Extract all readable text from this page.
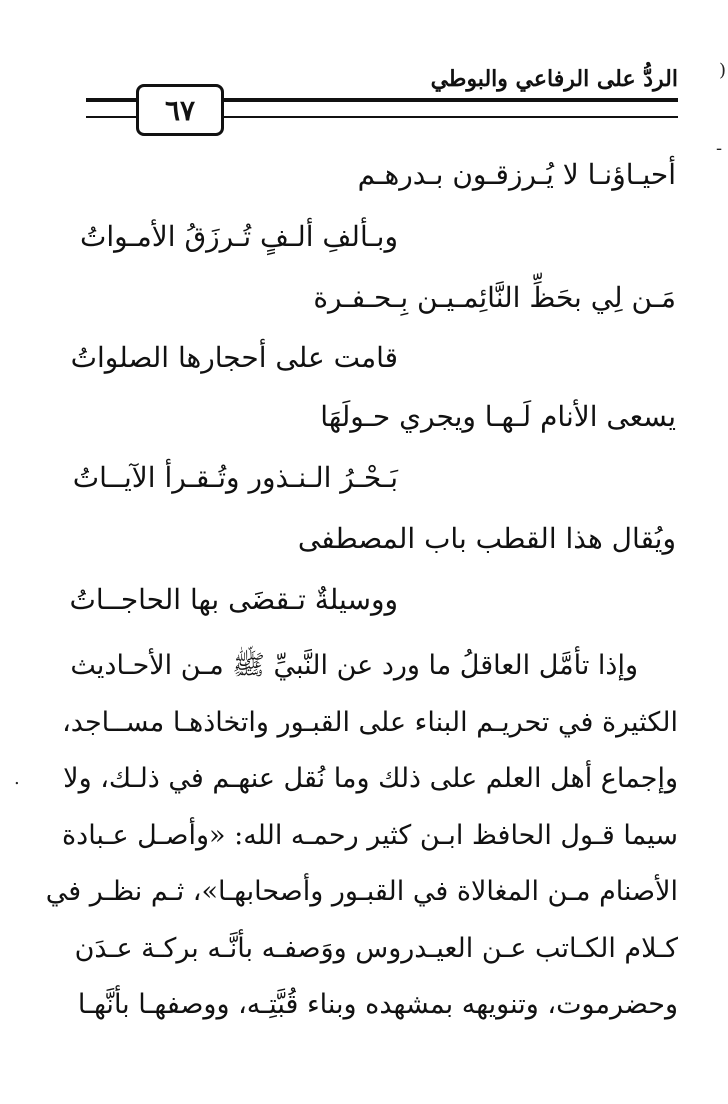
الردُّ على الرفاعي والبوطي
٦٧
)
-
.
أحيـاؤنـا لا يُـرزقـون بـدرهـم
وبـألفِ ألـفٍ تُـرزَقُ الأمـواتُ
مَـن لِي بحَظِّ النَّائِمـيـن بِـحـفـرة
قامت على أحجارها الصلواتُ
يسعى الأنام لَـهـا ويجري حـولَهَا
بَـحْـرُ الـنـذور وتُـقـرأ الآيــاتُ
ويُقال هذا القطب باب المصطفى
ووسيلةٌ تـقضَى بها الحاجــاتُ
وإذا تأمَّل العاقلُ ما ورد عن النَّبيِّ ﷺ مـن الأحـاديث
الكثيرة في تحريـم البناء على القبـور واتخاذهـا مســاجد،
وإجماع أهل العلم على ذلك وما نُقل عنهـم في ذلـك، ولا
سيما قـول الحافظ ابـن كثير رحمـه الله: «وأصـل عـبادة
الأصنام مـن المغالاة في القبـور وأصحابهـا»، ثـم نظـر في
كـلام الكـاتب عـن العيـدروس ووَصفـه بأنَّـه بركـة عـدَن
وحضرموت، وتنويهه بمشهده وبناء قُبَّتِـه، ووصفهـا بأنَّهـا
